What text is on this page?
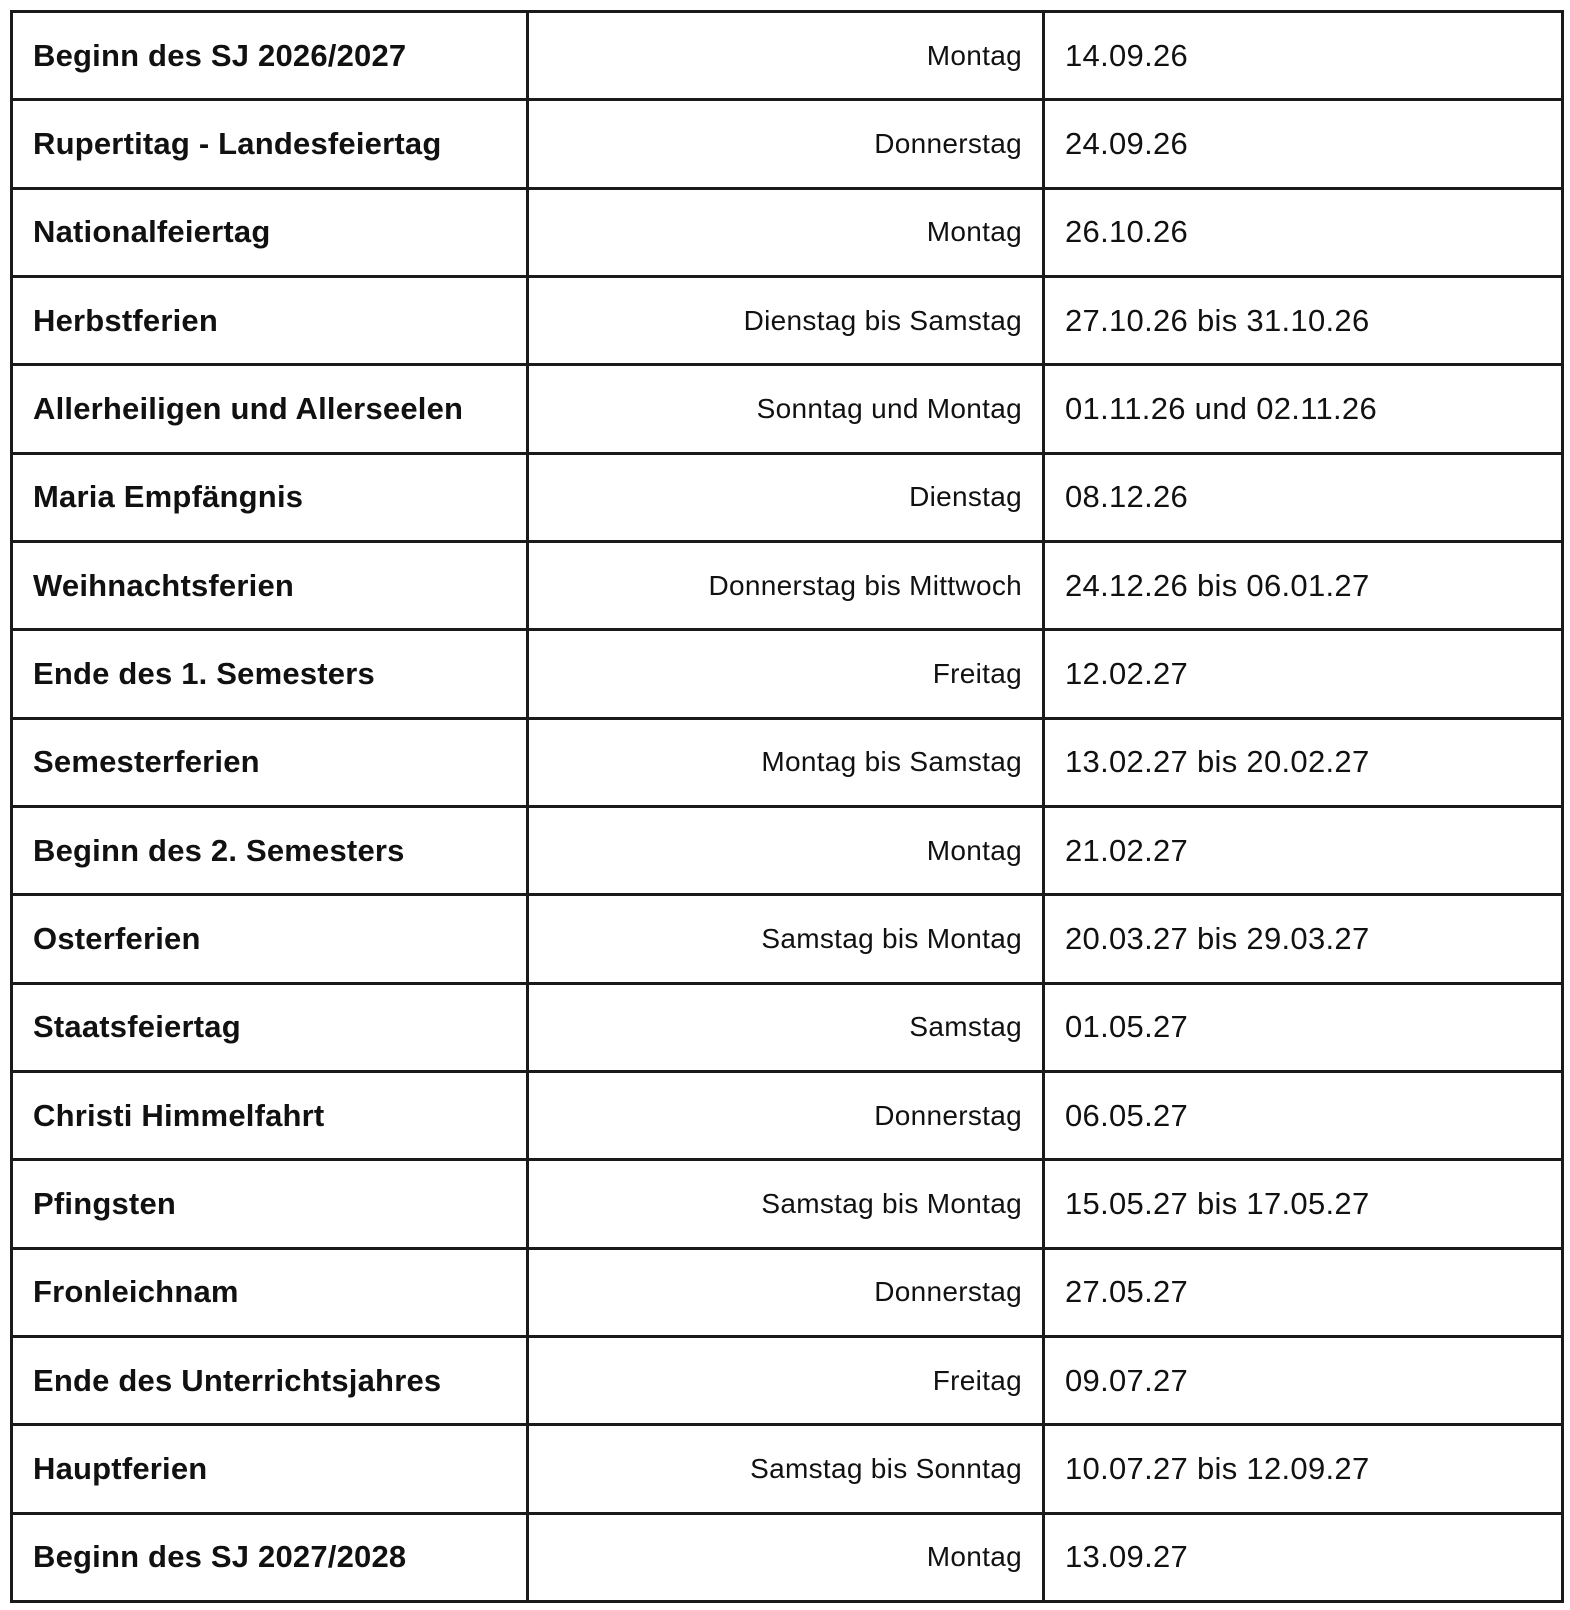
Beginn des SJ 2026/2027	Montag	14.09.26
Rupertitag - Landesfeiertag	Donnerstag	24.09.26
Nationalfeiertag	Montag	26.10.26
Herbstferien	Dienstag bis Samstag	27.10.26 bis 31.10.26
Allerheiligen und Allerseelen	Sonntag und Montag	01.11.26 und 02.11.26
Maria Empfängnis	Dienstag	08.12.26
Weihnachtsferien	Donnerstag bis Mittwoch	24.12.26 bis 06.01.27
Ende des 1. Semesters	Freitag	12.02.27
Semesterferien	Montag bis Samstag	13.02.27 bis 20.02.27
Beginn des 2. Semesters	Montag	21.02.27
Osterferien	Samstag bis Montag	20.03.27 bis 29.03.27
Staatsfeiertag	Samstag	01.05.27
Christi Himmelfahrt	Donnerstag	06.05.27
Pfingsten	Samstag bis Montag	15.05.27 bis 17.05.27
Fronleichnam	Donnerstag	27.05.27
Ende des Unterrichtsjahres	Freitag	09.07.27
Hauptferien	Samstag bis Sonntag	10.07.27 bis 12.09.27
Beginn des SJ 2027/2028	Montag	13.09.27
